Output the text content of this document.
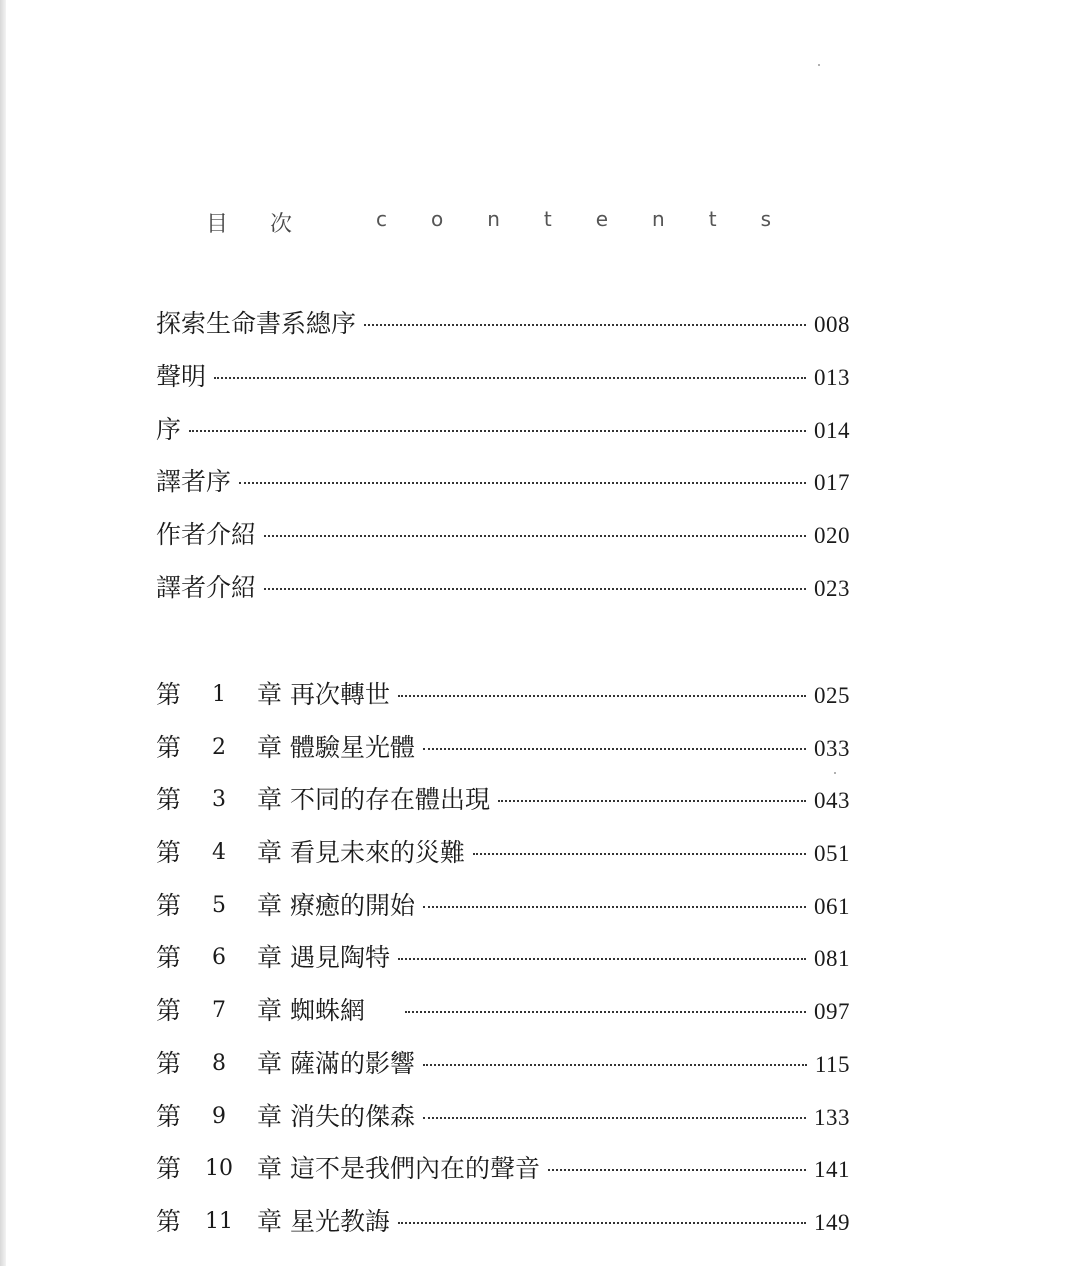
目 次	contents
探索生命書系總序	008
聲明	013
序	014
譯者序	017
作者介紹	020
譯者介紹	023
第	1	章 再次轉世	025
第	2	章 體驗星光體	033
第	3	章 不同的存在體出現	043
第	4	章 看見未來的災難	051
第	5	章 療癒的開始	061
第	6	章 遇見陶特	081
第	7	章 蜘蛛網	097
第	8	章 薩滿的影響	115
第	9	章 消失的傑森	133
第 10 章 這不是我們內在的聲音	141
第 11 章 星光教誨	149
